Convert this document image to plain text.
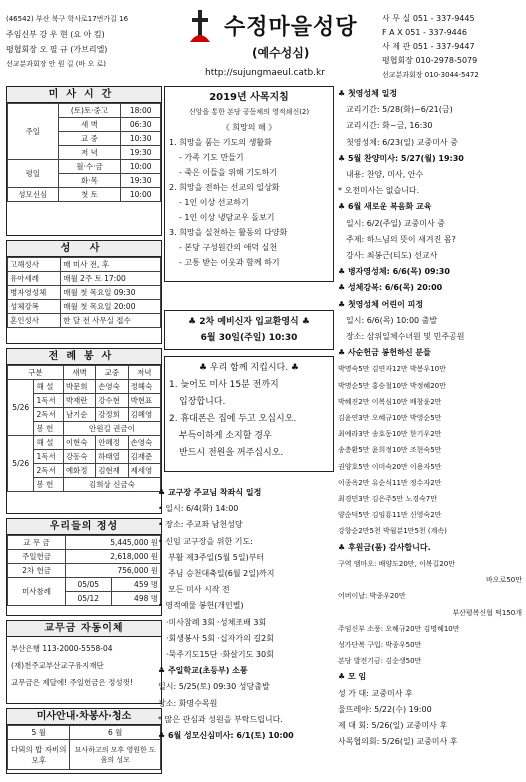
(46542) 부산 북구 학사로17번가길 16
주임신부 강 우 현 (요 아 킴)
평협회장 오 필 규 (가브리엘)
선교분과회장 안 원 길 (바 오 로)
수정마을성당
(예수성심)
http://sujungmaeul.catb.kr
사 무 실 051 - 337-9445
F A X 051 - 337-9446
사 제 관 051 - 337-9447
평협회장 010-2978-5079
선교분과회장 010-3044-5472
미사시간
주일	(토)토·중고	18:00
	새 벽	06:30
	교 중	10:30
	저 녁	19:30
평일	월·수·금	10:00
	화·목	19:30
성모신심	첫 토	10:00
성 사
고해성사	매 미사 전, 후
유아세례	매월 2주 토 17:00
병자영성체	매월 첫 목요일 09:30
성체강복	매월 첫 목요일 20:00
혼인성사	한 달 전 사무실 접수
전례봉사
구분		새벽	교중	저녁
5/26	해 설	박문희	손영숙	정헤숙
	1독서	박재란	강수현	박현표
	2독서	남기순	강정희	김혜영
	봉 헌	안원길 권금이		
5/26	해 설	이현숙	안혜정	손영숙
	1독서	강동숙	하태열	김재준
	2독서	예화정	김현재	제세영
	봉 헌	김희상 신금숙		
우리들의 정성
교 무 금	5,445,000 원	
주일헌금	2,618,000 원	
2차 헌금	756,000 원	
미사참례	05/05	459 명
	05/12	498 명
교무금 자동이체
부산은행 113-2000-5558-04
(재)천주교부산교구유지재단
교무금은 제달에! 주일헌금은 정성껏!
미사안내·차봉사·청소
5 월	6 월
다뫼의 밥 자비의 모후	묘사하고의 모후 영원한 도움의 성모
2019년 사목지침
신앙을 통한 본당 공동체의 영적쇄신(2)
《 희망의 해 》
1. 희망을 품는 기도의 생활화
- 가족 기도 만들기
- 죽은 이들을 위해 기도하기
2. 희망을 전하는 선교의 일상화
- 1인 이상 선교하기
- 1인 이상 냉담교우 돌보기
3. 희망을 실천하는 활동의 다양화
- 본당 구성원간의 애덕 실천
- 고통 받는 이웃과 함께 하기
♣ 2차 예비신자 입교환영식 ♣
6월 30일(주일) 10:30
♣ 우리 함께 지킵시다. ♣
1. 늦어도 미사 15분 전까지
입장합니다.
2. 휴대폰은 집에 두고 오십시오.
부득이하게 소지할 경우
반드시 전원을 꺼주십시오.
♣ 교구장 주교님 착좌식 일정
• 일시: 6/4(화) 14:00
• 장소: 주교좌 남천성당
• 신임 교구장을 위한 기도:
부활 제3주일(5월 5일)부터
주님 승천대축일(6월 2일)까지
모든 미사 시작 전
• 영적예물 봉헌(개인별)
·미사참례 3회 ·성체조배 3회
·회생봉사 5회 ·십자가의 길2회
·묵주기도15단 ·화살기도 30회
♣ 주일학교(초등부) 소풍
일시: 5/25(토) 09:30 성당출발
장소: 화명수목원
* 많은 관심과 성원을 부탁드립니다.
♣ 6월 성모신심미사: 6/1(토) 10:00
♣ 첫영성체 일정
교리기간: 5/28(화)~6/21(금)
교리시간: 화~금, 16:30
첫영성체: 6/23(일) 교중미사 중
♣ 5월 찬양미사: 5/27(월) 19:30
내용: 찬양, 미사, 안수
* 오전미사는 없습니다.
♣ 6월 새로운 복음화 교육
일시: 6/2(주일) 교중미사 중
주제: 하느님의 뜻이 새겨진 몸?
강사: 최봉근(티도) 선교사
♣ 병자영성체: 6/6(목) 09:30
♣ 성체강복: 6/6(목) 20:00
♣ 첫영성체 어린이 피정
일시: 6/6(목) 10:00 출발
장소: 삼위일체수녀원 및 민주공원
♣ 사순헌금 봉헌하신 분들
박명숙5만 김연자12만 박봉우10만
박명순5만 홍승철10만 박정혜20만
박혜진2만 이복심10만 배창윤2만
김윤연3만 오혜규10만 박영순5만
최예라3만 송호동10만 한기우2만
송층환5만 윤희정10만 조현숙5만
권양호5만 이미숙20만 이용자5만
이종옥2만 유순식11만 정수자2만
최경민3만 김은주5만 노경숙7만
양순덕5만 김임룡11만 신영숙2만
강향순2만5천 박월분1만5천 (계속)
♣ 후원금(품) 감사합니다.
구역 앰마오: 배양도20만, 이복길20만
바오로50만
어버이날: 박종우20만
부산평복신협 떡150개
주임신부 소풍: 오혜규20만 김명혜10만
성가단복 구입: 박종우50만
본당 발전기금: 김순생50만
♣ 모 임
성 가 대: 교중미사 후
울뜨레야: 5/22(수) 19:00
제 대 회: 5/26(일) 교중미사 후
사목협의회: 5/26(일) 교중미사 후
